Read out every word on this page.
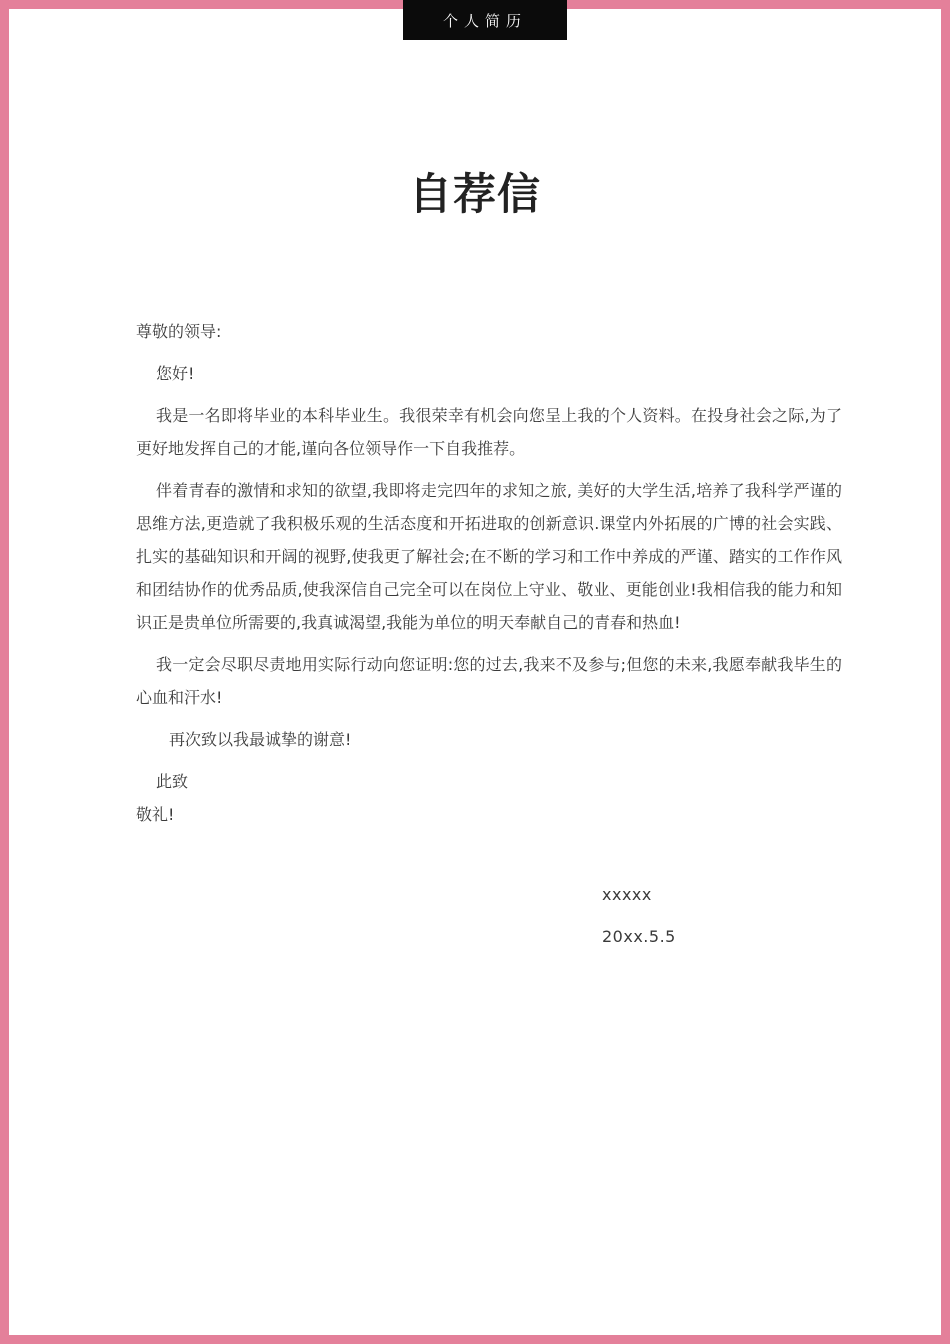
个人简历
自荐信

尊敬的领导:

您好!

我是一名即将毕业的本科毕业生。我很荣幸有机会向您呈上我的个人资料。在投身社会之际,为了更好地发挥自己的才能,谨向各位领导作一下自我推荐。

伴着青春的激情和求知的欲望,我即将走完四年的求知之旅, 美好的大学生活,培养了我科学严谨的思维方法,更造就了我积极乐观的生活态度和开拓进取的创新意识.课堂内外拓展的广博的社会实践、扎实的基础知识和开阔的视野,使我更了解社会;在不断的学习和工作中养成的严谨、踏实的工作作风和团结协作的优秀品质,使我深信自己完全可以在岗位上守业、敬业、更能创业!我相信我的能力和知识正是贵单位所需要的,我真诚渴望,我能为单位的明天奉献自己的青春和热血!

我一定会尽职尽责地用实际行动向您证明:您的过去,我来不及参与;但您的未来,我愿奉献我毕生的心血和汗水!

再次致以我最诚挚的谢意!

此致

敬礼!

xxxxx
20xx.5.5
